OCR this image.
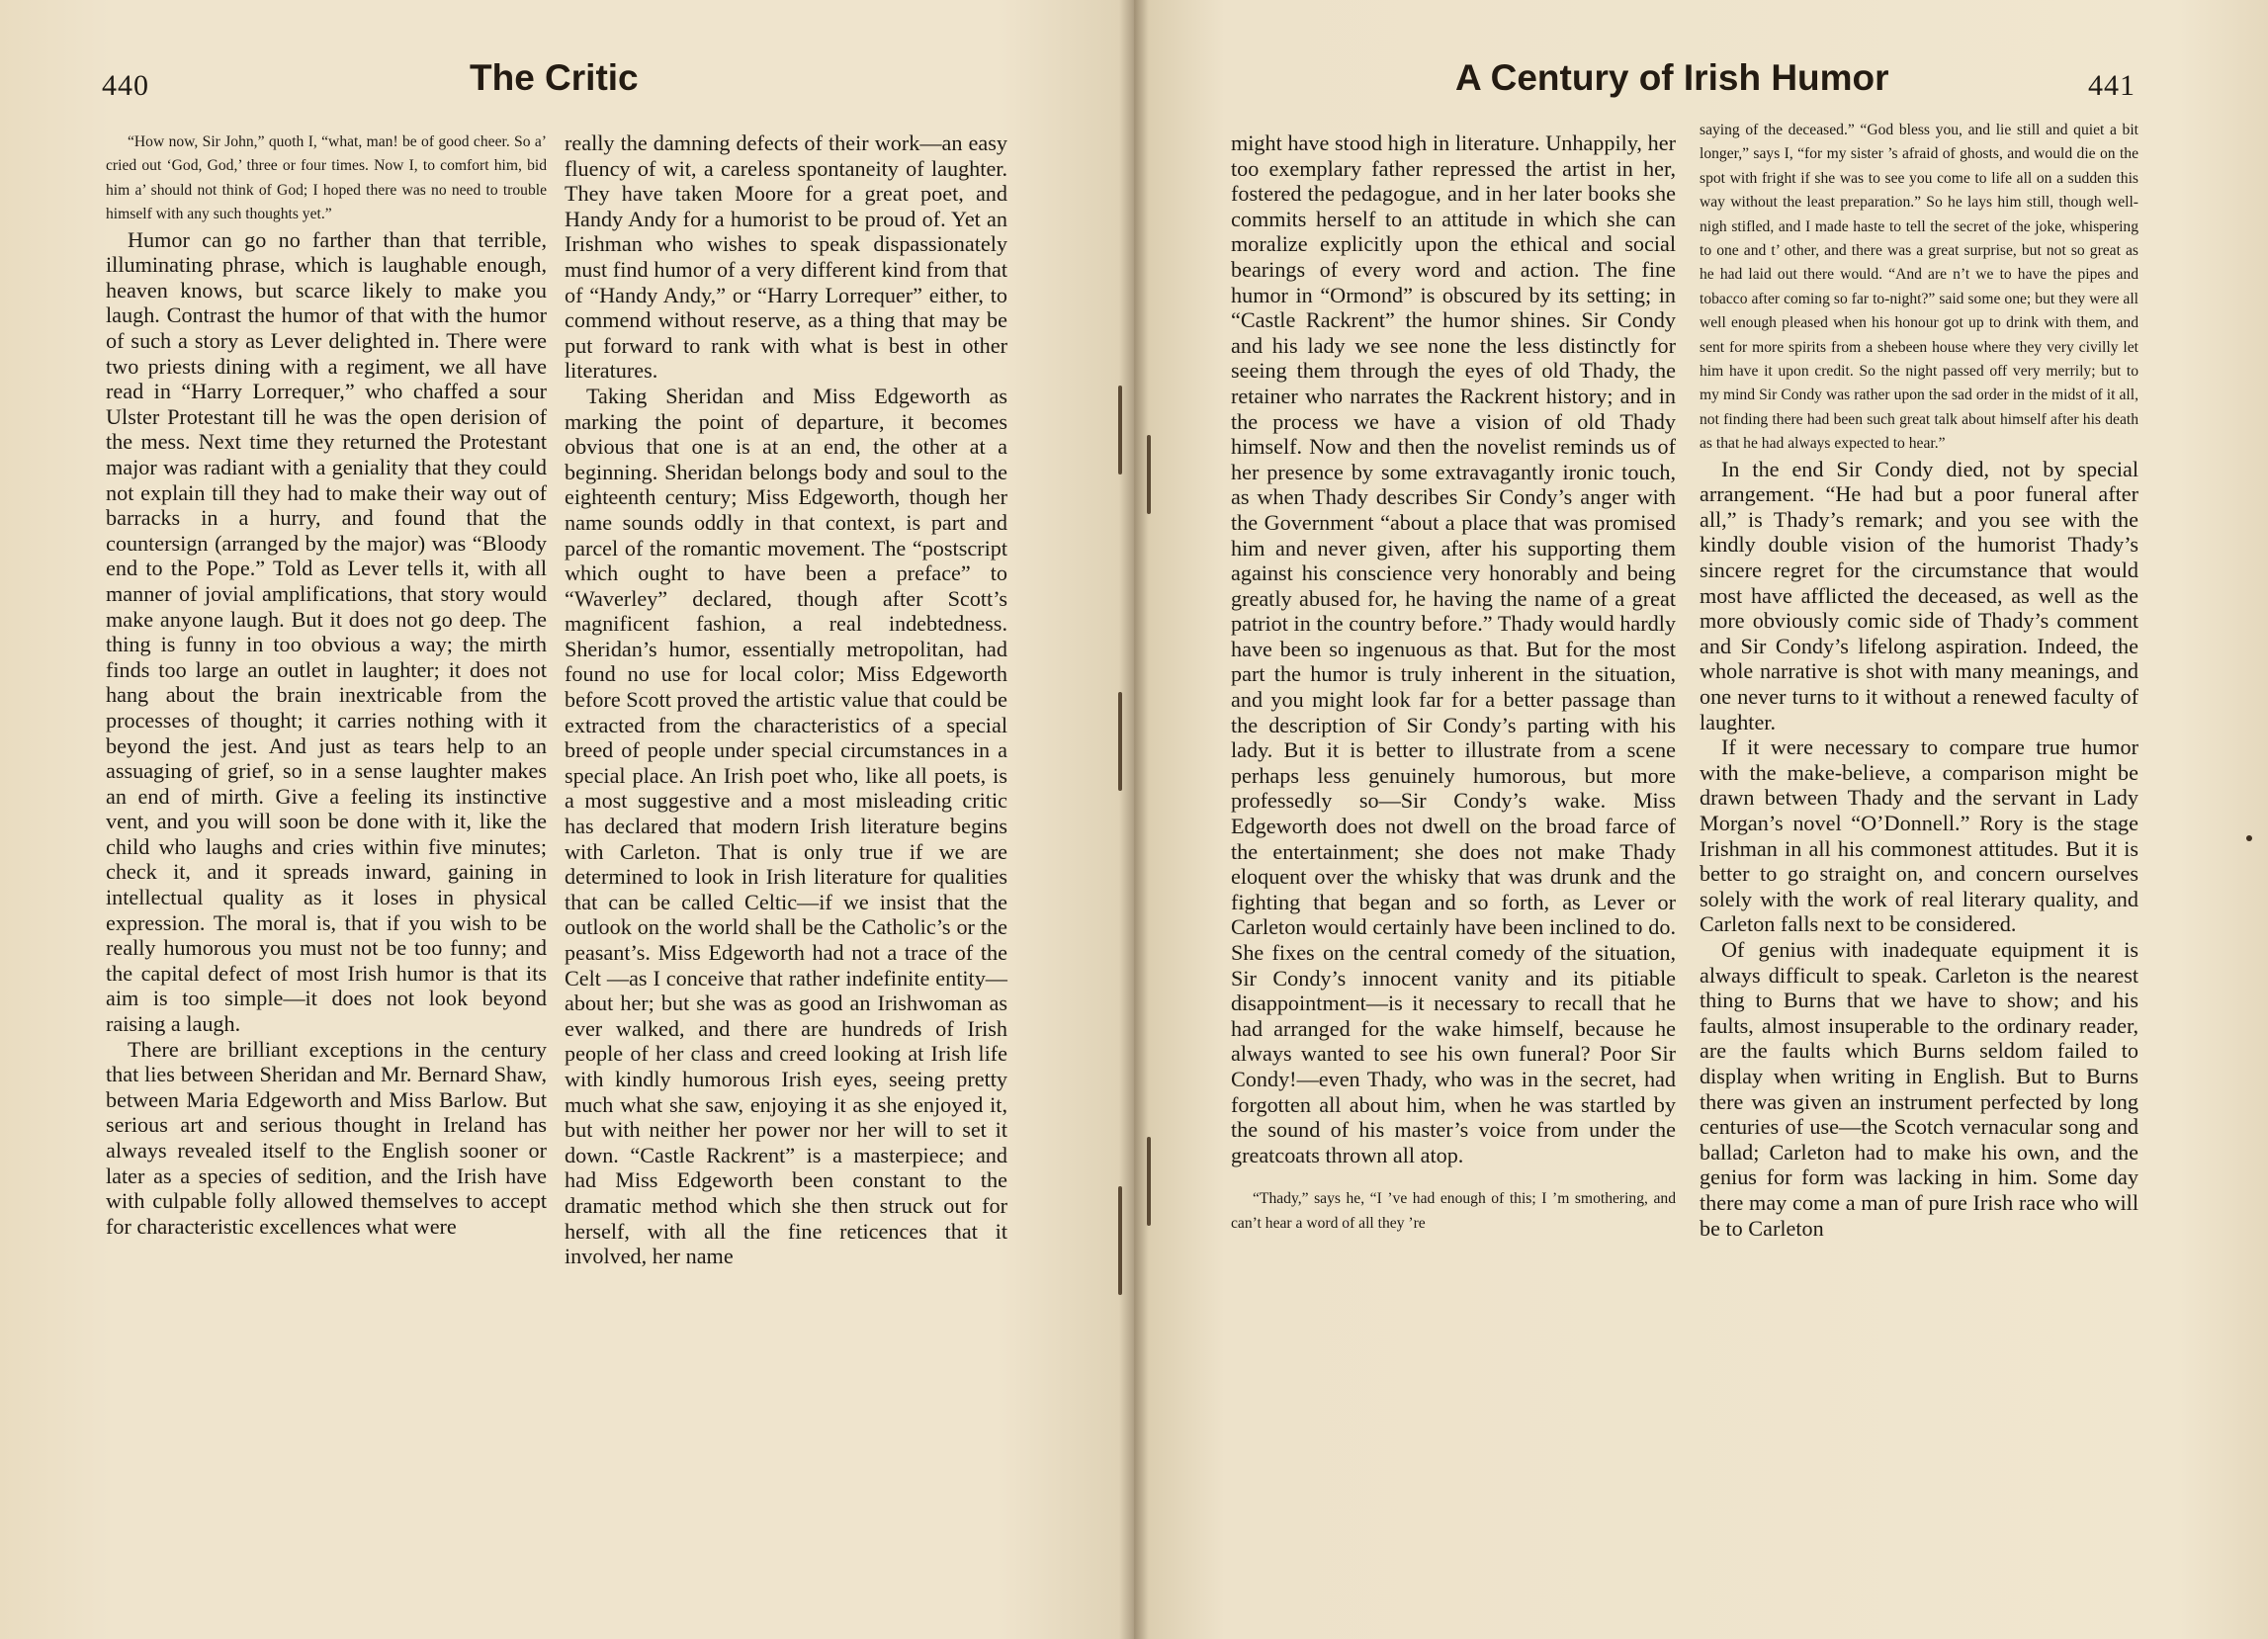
440	The Critic

“How now, Sir John,” quoth I, “what, man! be of good cheer. So a’ cried out ‘God, God,’ three or four times. Now I, to comfort him, bid him a’ should not think of God; I hoped there was no need to trouble himself with any such thoughts yet.”

Humor can go no farther than that terrible, illuminating phrase, which is laughable enough, heaven knows, but scarce likely to make you laugh. Contrast the humor of that with the humor of such a story as Lever delighted in. There were two priests dining with a regiment, we all have read in “Harry Lorrequer,” who chaffed a sour Ulster Protestant till he was the open derision of the mess. Next time they returned the Protestant major was radiant with a geniality that they could not explain till they had to make their way out of barracks in a hurry, and found that the countersign (arranged by the major) was “Bloody end to the Pope.” Told as Lever tells it, with all manner of jovial amplifications, that story would make anyone laugh. But it does not go deep. The thing is funny in too obvious a way; the mirth finds too large an outlet in laughter; it does not hang about the brain inextricable from the processes of thought; it carries nothing with it beyond the jest. And just as tears help to an assuaging of grief, so in a sense laughter makes an end of mirth. Give a feeling its instinctive vent, and you will soon be done with it, like the child who laughs and cries within five minutes; check it, and it spreads inward, gaining in intellectual quality as it loses in physical expression. The moral is, that if you wish to be really humorous you must not be too funny; and the capital defect of most Irish humor is that its aim is too simple—it does not look beyond raising a laugh.

There are brilliant exceptions in the century that lies between Sheridan and Mr. Bernard Shaw, between Maria Edgeworth and Miss Barlow. But serious art and serious thought in Ireland has always revealed itself to the English sooner or later as a species of sedition, and the Irish have with culpable folly allowed themselves to accept for characteristic excellences what were

really the damning defects of their work—an easy fluency of wit, a careless spontaneity of laughter. They have taken Moore for a great poet, and Handy Andy for a humorist to be proud of. Yet an Irishman who wishes to speak dispassionately must find humor of a very different kind from that of “Handy Andy,” or “Harry Lorrequer” either, to commend without reserve, as a thing that may be put forward to rank with what is best in other literatures.

Taking Sheridan and Miss Edgeworth as marking the point of departure, it becomes obvious that one is at an end, the other at a beginning. Sheridan belongs body and soul to the eighteenth century; Miss Edgeworth, though her name sounds oddly in that context, is part and parcel of the romantic movement. The “postscript which ought to have been a preface” to “Waverley” declared, though after Scott’s magnificent fashion, a real indebtedness. Sheridan’s humor, essentially metropolitan, had found no use for local color; Miss Edgeworth before Scott proved the artistic value that could be extracted from the characteristics of a special breed of people under special circumstances in a special place. An Irish poet who, like all poets, is a most suggestive and a most misleading critic has declared that modern Irish literature begins with Carleton. That is only true if we are determined to look in Irish literature for qualities that can be called Celtic—if we insist that the outlook on the world shall be the Catholic’s or the peasant’s. Miss Edgeworth had not a trace of the Celt —as I conceive that rather indefinite entity—about her; but she was as good an Irishwoman as ever walked, and there are hundreds of Irish people of her class and creed looking at Irish life with kindly humorous Irish eyes, seeing pretty much what she saw, enjoying it as she enjoyed it, but with neither her power nor her will to set it down. “Castle Rackrent” is a masterpiece; and had Miss Edgeworth been constant to the dramatic method which she then struck out for herself, with all the fine reticences that it involved, her name

A Century of Irish Humor	441

might have stood high in literature. Unhappily, her too exemplary father repressed the artist in her, fostered the pedagogue, and in her later books she commits herself to an attitude in which she can moralize explicitly upon the ethical and social bearings of every word and action. The fine humor in “Ormond” is obscured by its setting; in “Castle Rackrent” the humor shines. Sir Condy and his lady we see none the less distinctly for seeing them through the eyes of old Thady, the retainer who narrates the Rackrent history; and in the process we have a vision of old Thady himself. Now and then the novelist reminds us of her presence by some extravagantly ironic touch, as when Thady describes Sir Condy’s anger with the Government “about a place that was promised him and never given, after his supporting them against his conscience very honorably and being greatly abused for, he having the name of a great patriot in the country before.” Thady would hardly have been so ingenuous as that. But for the most part the humor is truly inherent in the situation, and you might look far for a better passage than the description of Sir Condy’s parting with his lady. But it is better to illustrate from a scene perhaps less genuinely humorous, but more professedly so—Sir Condy’s wake. Miss Edgeworth does not dwell on the broad farce of the entertainment; she does not make Thady eloquent over the whisky that was drunk and the fighting that began and so forth, as Lever or Carleton would certainly have been inclined to do. She fixes on the central comedy of the situation, Sir Condy’s innocent vanity and its pitiable disappointment—is it necessary to recall that he had arranged for the wake himself, because he always wanted to see his own funeral? Poor Sir Condy!—even Thady, who was in the secret, had forgotten all about him, when he was startled by the sound of his master’s voice from under the greatcoats thrown all atop.

“Thady,” says he, “I ’ve had enough of this; I ’m smothering, and can’t hear a word of all they ’re

saying of the deceased.” “God bless you, and lie still and quiet a bit longer,” says I, “for my sister ’s afraid of ghosts, and would die on the spot with fright if she was to see you come to life all on a sudden this way without the least preparation.” So he lays him still, though well-nigh stifled, and I made haste to tell the secret of the joke, whispering to one and t’ other, and there was a great surprise, but not so great as he had laid out there would. “And are n’t we to have the pipes and tobacco after coming so far to-night?” said some one; but they were all well enough pleased when his honour got up to drink with them, and sent for more spirits from a shebeen house where they very civilly let him have it upon credit. So the night passed off very merrily; but to my mind Sir Condy was rather upon the sad order in the midst of it all, not finding there had been such great talk about himself after his death as that he had always expected to hear.”

In the end Sir Condy died, not by special arrangement. “He had but a poor funeral after all,” is Thady’s remark; and you see with the kindly double vision of the humorist Thady’s sincere regret for the circumstance that would most have afflicted the deceased, as well as the more obviously comic side of Thady’s comment and Sir Condy’s lifelong aspiration. Indeed, the whole narrative is shot with many meanings, and one never turns to it without a renewed faculty of laughter.

If it were necessary to compare true humor with the make-believe, a comparison might be drawn between Thady and the servant in Lady Morgan’s novel “O’Donnell.” Rory is the stage Irishman in all his commonest attitudes. But it is better to go straight on, and concern ourselves solely with the work of real literary quality, and Carleton falls next to be considered.

Of genius with inadequate equipment it is always difficult to speak. Carleton is the nearest thing to Burns that we have to show; and his faults, almost insuperable to the ordinary reader, are the faults which Burns seldom failed to display when writing in English. But to Burns there was given an instrument perfected by long centuries of use—the Scotch vernacular song and ballad; Carleton had to make his own, and the genius for form was lacking in him. Some day there may come a man of pure Irish race who will be to Carleton
